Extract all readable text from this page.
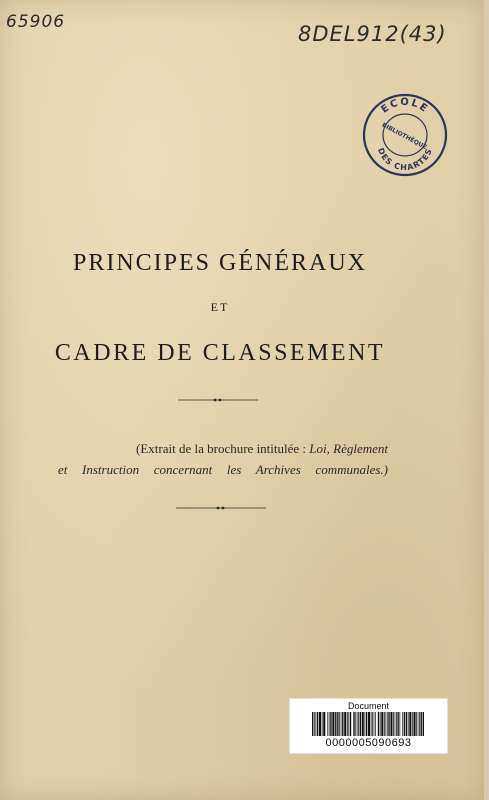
65906	8DEL912(43)
ECOLE
DES CHARTES
BIBLIOTHÈQUE
PRINCIPES GÉNÉRAUX
ET
CADRE DE CLASSEMENT
(Extrait de la brochure intitulée : Loi, Règlement
et Instruction concernant les Archives communales.)
Document
0000005090693
